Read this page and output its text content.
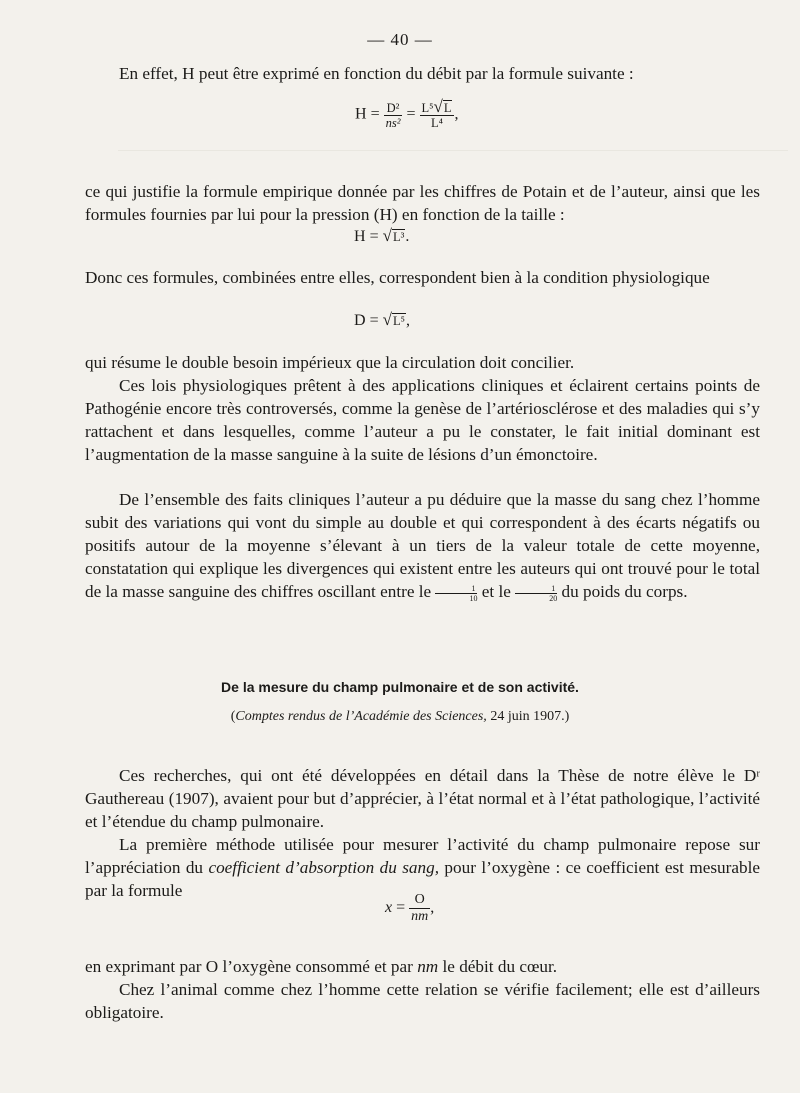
— 40 —
En effet, H peut être exprimé en fonction du débit par la formule suivante :
$H = \frac{\text{D²}}{\text{ns²}} = \frac{\text{L⁵√L}}{\text{L⁴}}$ ,
ce qui justifie la formule empirique donnée par les chiffres de Potain et de l’auteur, ainsi que les formules fournies par lui pour la pression (H) en fonction de la taille :
H = √L³.
Donc ces formules, combinées entre elles, correspondent bien à la condition physiologique
D = √L⁵,
qui résume le double besoin impérieux que la circulation doit concilier.
Ces lois physiologiques prêtent à des applications cliniques et éclairent certains points de Pathogénie encore très controversés, comme la genèse de l’artériosclérose et des maladies qui s’y rattachent et dans lesquelles, comme l’auteur a pu le constater, le fait initial dominant est l’augmentation de la masse sanguine à la suite de lésions d’un émonctoire.
De l’ensemble des faits cliniques l’auteur a pu déduire que la masse du sang chez l’homme subit des variations qui vont du simple au double et qui correspondent à des écarts négatifs ou positifs autour de la moyenne s’élevant à un tiers de la valeur totale de cette moyenne, constatation qui explique les divergences qui existent entre les auteurs qui ont trouvé pour le total de la masse sanguine des chiffres oscillant entre le $\frac{1}{10}$ et le $\frac{1}{20}$ du poids du corps.
De la mesure du champ pulmonaire et de son activité.
(Comptes rendus de l’Académie des Sciences, 24 juin 1907.)
Ces recherches, qui ont été développées en détail dans la Thèse de notre élève le Dʳ Gauthereau (1907), avaient pour but d’apprécier, à l’état normal et à l’état pathologique, l’activité et l’étendue du champ pulmonaire.
La première méthode utilisée pour mesurer l’activité du champ pulmonaire repose sur l’appréciation du coefficient d’absorption du sang, pour l’oxygène : ce coefficient est mesurable par la formule
$x = \frac{O}{nm}$ ,
en exprimant par O l’oxygène consommé et par nm le débit du cœur.
Chez l’animal comme chez l’homme cette relation se vérifie facilement; elle est d’ailleurs obligatoire.
